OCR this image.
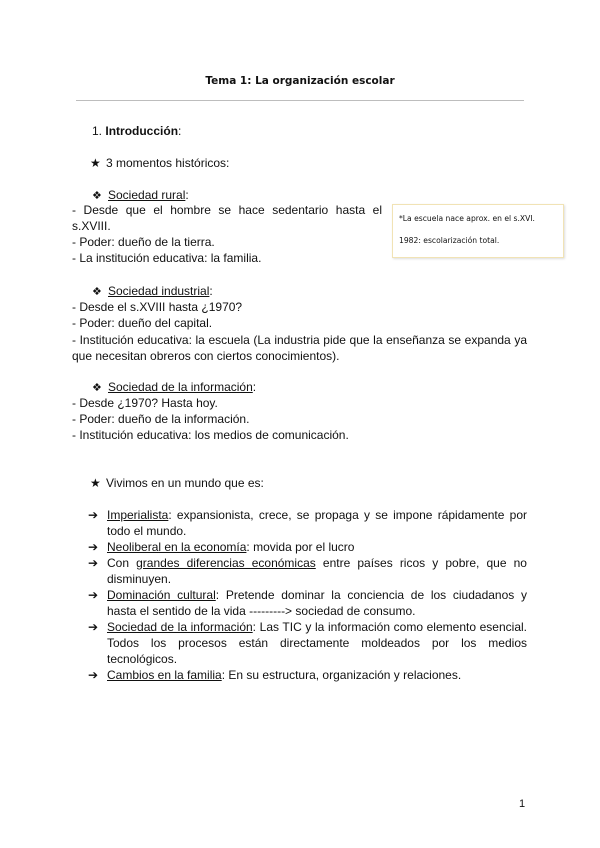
Tema 1: La organización escolar
1. Introducción:
★ 3 momentos históricos:
❖ Sociedad rural:
- Desde que el hombre se hace sedentario hasta el
s.XVIII.
- Poder: dueño de la tierra.
- La institución educativa: la familia.
*La escuela nace aprox. en el s.XVI.
1982: escolarización total.
❖ Sociedad industrial:
- Desde el s.XVIII hasta ¿1970?
- Poder: dueño del capital.
- Institución educativa: la escuela (La industria pide que la enseñanza se expanda ya que necesitan obreros con ciertos conocimientos).
❖ Sociedad de la información:
- Desde ¿1970? Hasta hoy.
- Poder: dueño de la información.
- Institución educativa: los medios de comunicación.
★ Vivimos en un mundo que es:
➔ Imperialista: expansionista, crece, se propaga y se impone rápidamente por todo el mundo.
➔ Neoliberal en la economía: movida por el lucro
➔ Con grandes diferencias económicas entre países ricos y pobre, que no disminuyen.
➔ Dominación cultural: Pretende dominar la conciencia de los ciudadanos y hasta el sentido de la vida ---------> sociedad de consumo.
➔ Sociedad de la información: Las TIC y la información como elemento esencial. Todos los procesos están directamente moldeados por los medios tecnológicos.
➔ Cambios en la familia: En su estructura, organización y relaciones.
1
